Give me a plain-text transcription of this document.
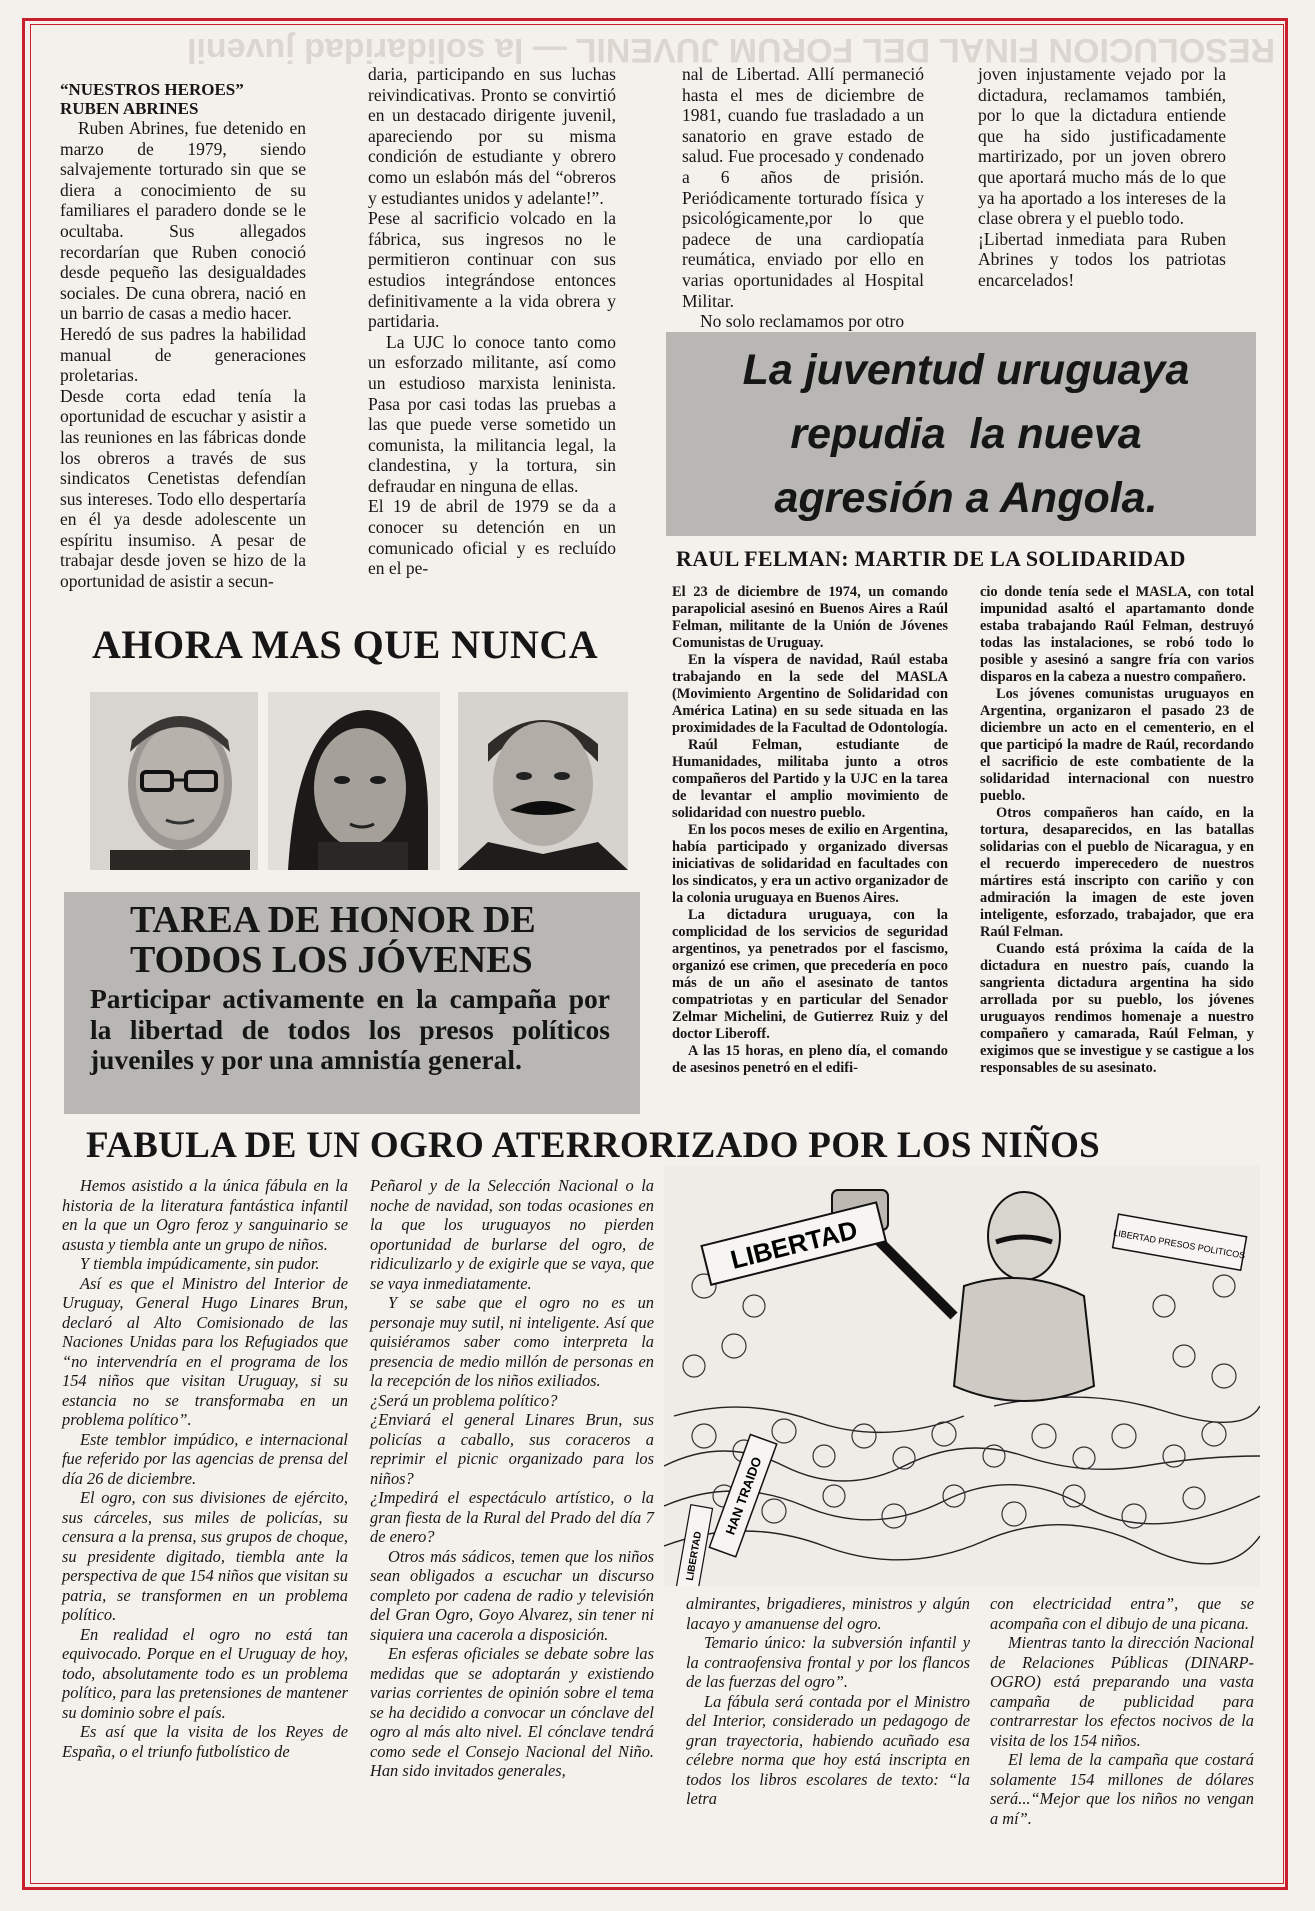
RESOLUCION FINAL DEL FORUM JUVENIL — la solidaridad juvenil
“NUESTROS HEROES”
RUBEN ABRINES

Ruben Abrines, fue detenido en marzo de 1979, siendo salvajemente torturado sin que se diera a conocimiento de su familiares el paradero donde se le ocultaba. Sus allegados recordarían que Ruben conoció desde pequeño las desigualdades sociales. De cuna obrera, nació en un barrio de casas a medio hacer.

Heredó de sus padres la habilidad manual de generaciones proletarias.

Desde corta edad tenía la oportunidad de escuchar y asistir a las reuniones en las fábricas donde los obreros a través de sus sindicatos Cenetistas defendían sus intereses. Todo ello despertaría en él ya desde adolescente un espíritu insumiso. A pesar de trabajar desde joven se hizo de la oportunidad de asistir a secun-

daria, participando en sus luchas reivindicativas. Pronto se convirtió en un destacado dirigente juvenil, apareciendo por su misma condición de estudiante y obrero como un eslabón más del “obreros y estudiantes unidos y adelante!”.

Pese al sacrificio volcado en la fábrica, sus ingresos no le permitieron continuar con sus estudios integrándose entonces definitivamente a la vida obrera y partidaria.

La UJC lo conoce tanto como un esforzado militante, así como un estudioso marxista leninista. Pasa por casi todas las pruebas a las que puede verse sometido un comunista, la militancia legal, la clandestina, y la tortura, sin defraudar en ninguna de ellas.

El 19 de abril de 1979 se da a conocer su detención en un comunicado oficial y es recluído en el pe-

nal de Libertad. Allí permaneció hasta el mes de diciembre de 1981, cuando fue trasladado a un sanatorio en grave estado de salud. Fue procesado y condenado a 6 años de prisión. Periódicamente torturado física y psicológicamente,por lo que padece de una cardiopatía reumática, enviado por ello en varias oportunidades al Hospital Militar.

No solo reclamamos por otro

joven injustamente vejado por la dictadura, reclamamos también, por lo que la dictadura entiende que ha sido justificadamente martirizado, por un joven obrero que aportará mucho más de lo que ya ha aportado a los intereses de la clase obrera y el pueblo todo.

¡Libertad inmediata para Ruben Abrines y todos los patriotas encarcelados!

La juventud uruguaya
repudia  la nueva
agresión a Angola.
AHORA MAS QUE NUNCA
TAREA DE HONOR DE
TODOS LOS JÓVENES
Participar activamente en la campaña por la libertad de todos los presos políticos juveniles y por una amnistía general.
RAUL FELMAN: MARTIR DE LA SOLIDARIDAD

El 23 de diciembre de 1974, un comando parapolicial asesinó en Buenos Aires a Raúl Felman, militante de la Unión de Jóvenes Comunistas de Uruguay.

En la víspera de navidad, Raúl estaba trabajando en la sede del MASLA (Movimiento Argentino de Solidaridad con América Latina) en su sede situada en las proximidades de la Facultad de Odontología.

Raúl Felman, estudiante de Humanidades, militaba junto a otros compañeros del Partido y la UJC en la tarea de levantar el amplio movimiento de solidaridad con nuestro pueblo.

En los pocos meses de exilio en Argentina, había participado y organizado diversas iniciativas de solidaridad en facultades con los sindicatos, y era un activo organizador de la colonia uruguaya en Buenos Aires.

La dictadura uruguaya, con la complicidad de los servicios de seguridad argentinos, ya penetrados por el fascismo, organizó ese crimen, que precedería en poco más de un año el asesinato de tantos compatriotas y en particular del Senador Zelmar Michelini, de Gutierrez Ruiz y del doctor Liberoff.

A las 15 horas, en pleno día, el comando de asesinos penetró en el edifi-

cio donde tenía sede el MASLA, con total impunidad asaltó el apartamanto donde estaba trabajando Raúl Felman, destruyó todas las instalaciones, se robó todo lo posible y asesinó a sangre fría con varios disparos en la cabeza a nuestro compañero.

Los jóvenes comunistas uruguayos en Argentina, organizaron el pasado 23 de diciembre un acto en el cementerio, en el que participó la madre de Raúl, recordando el sacrificio de este combatiente de la solidaridad internacional con nuestro pueblo.

Otros compañeros han caído, en la tortura, desaparecidos, en las batallas solidarias con el pueblo de Nicaragua, y en el recuerdo imperecedero de nuestros mártires está inscripto con cariño y con admiración la imagen de este joven inteligente, esforzado, trabajador, que era Raúl Felman.

Cuando está próxima la caída de la dictadura en nuestro país, cuando la sangrienta dictadura argentina ha sido arrollada por su pueblo, los jóvenes uruguayos rendimos homenaje a nuestro compañero y camarada, Raúl Felman, y exigimos que se investigue y se castigue a los responsables de su asesinato.

FABULA DE UN OGRO ATERRORIZADO POR LOS NIÑOS

Hemos asistido a la única fábula en la historia de la literatura fantástica infantil en la que un Ogro feroz y sanguinario se asusta y tiembla ante un grupo de niños.

Y tiembla impúdicamente, sin pudor.

Así es que el Ministro del Interior de Uruguay, General Hugo Linares Brun, declaró al Alto Comisionado de las Naciones Unidas para los Refugiados que “no intervendría en el programa de los 154 niños que visitan Uruguay, si su estancia no se transformaba en un problema político”.

Este temblor impúdico, e internacional fue referido por las agencias de prensa del día 26 de diciembre.

El ogro, con sus divisiones de ejército, sus cárceles, sus miles de policías, su censura a la prensa, sus grupos de choque, su presidente digitado, tiembla ante la perspectiva de que 154 niños que visitan su patria, se transformen en un problema político.

En realidad el ogro no está tan equivocado. Porque en el Uruguay de hoy, todo, absolutamente todo es un problema político, para las pretensiones de mantener su dominio sobre el país.

Es así que la visita de los Reyes de España, o el triunfo futbolístico de

Peñarol y de la Selección Nacional o la noche de navidad, son todas ocasiones en la que los uruguayos no pierden oportunidad de burlarse del ogro, de ridiculizarlo y de exigirle que se vaya, que se vaya inmediatamente.

Y se sabe que el ogro no es un personaje muy sutil, ni inteligente. Así que quisiéramos saber como interpreta la presencia de medio millón de personas en la recepción de los niños exiliados.

¿Será un problema político?

¿Enviará el general Linares Brun, sus policías a caballo, sus coraceros a reprimir el picnic organizado para los niños?

¿Impedirá el espectáculo artístico, o la gran fiesta de la Rural del Prado del día 7 de enero?

Otros más sádicos, temen que los niños sean obligados a escuchar un discurso completo por cadena de radio y televisión del Gran Ogro, Goyo Alvarez, sin tener ni siquiera una cacerola a disposición.

En esferas oficiales se debate sobre las medidas que se adoptarán y existiendo varias corrientes de opinión sobre el tema se ha decidido a convocar un cónclave del ogro al más alto nivel. El cónclave tendrá como sede el Consejo Nacional del Niño. Han sido invitados generales,

LIBERTAD	LIBERTAD PRESOS POLITICOS
HAN TRAIDO
LIBERTAD

almirantes, brigadieres, ministros y algún lacayo y amanuense del ogro.

Temario único: la subversión infantil y la contraofensiva frontal y por los flancos de las fuerzas del ogro”.

La fábula será contada por el Ministro del Interior, considerado un pedagogo de gran trayectoria, habiendo acuñado esa célebre norma que hoy está inscripta en todos los libros escolares de texto: “la letra

con electricidad entra”, que se acompaña con el dibujo de una picana.

Mientras tanto la dirección Nacional de Relaciones Públicas (DINARP-OGRO) está preparando una vasta campaña de publicidad para contrarrestar los efectos nocivos de la visita de los 154 niños.

El lema de la campaña que costará solamente 154 millones de dólares será...“Mejor que los niños no vengan a mí”.
